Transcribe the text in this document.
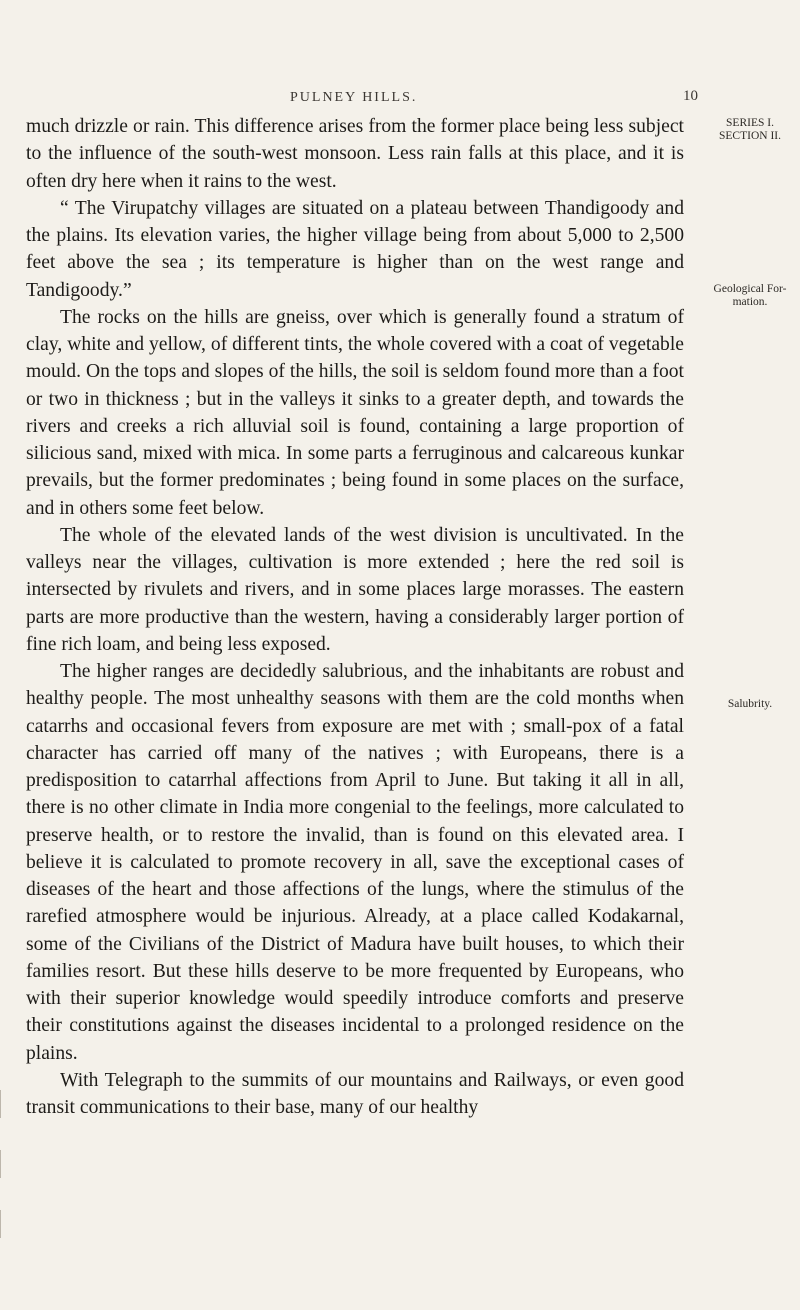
PULNEY HILLS.	10
SERIES I.
SECTION II.
Geological For-mation.
Salubrity.

much drizzle or rain. This difference arises from the former place being less subject to the influence of the south-west monsoon. Less rain falls at this place, and it is often dry here when it rains to the west.

“ The Virupatchy villages are situated on a plateau between Thandigoody and the plains. Its elevation varies, the higher village being from about 5,000 to 2,500 feet above the sea ; its temperature is higher than on the west range and Tandigoody.”

The rocks on the hills are gneiss, over which is generally found a stratum of clay, white and yellow, of different tints, the whole covered with a coat of vegetable mould. On the tops and slopes of the hills, the soil is seldom found more than a foot or two in thickness ; but in the valleys it sinks to a greater depth, and towards the rivers and creeks a rich alluvial soil is found, containing a large proportion of silicious sand, mixed with mica. In some parts a ferruginous and calcareous kunkar prevails, but the former predominates ; being found in some places on the surface, and in others some feet below.

The whole of the elevated lands of the west division is uncultivated. In the valleys near the villages, cultivation is more extended ; here the red soil is intersected by rivulets and rivers, and in some places large morasses. The eastern parts are more productive than the western, having a considerably larger portion of fine rich loam, and being less exposed.

The higher ranges are decidedly salubrious, and the inhabitants are robust and healthy people. The most unhealthy seasons with them are the cold months when catarrhs and occasional fevers from exposure are met with ; small-pox of a fatal character has carried off many of the natives ; with Europeans, there is a predisposition to catarrhal affections from April to June. But taking it all in all, there is no other climate in India more congenial to the feelings, more calculated to preserve health, or to restore the invalid, than is found on this elevated area. I believe it is calculated to promote recovery in all, save the exceptional cases of diseases of the heart and those affections of the lungs, where the stimulus of the rarefied atmosphere would be injurious. Already, at a place called Kodakarnal, some of the Civilians of the District of Madura have built houses, to which their families resort. But these hills deserve to be more frequented by Europeans, who with their superior knowledge would speedily introduce comforts and preserve their constitutions against the diseases incidental to a prolonged residence on the plains.

With Telegraph to the summits of our mountains and Railways, or even good transit communications to their base, many of our healthy
